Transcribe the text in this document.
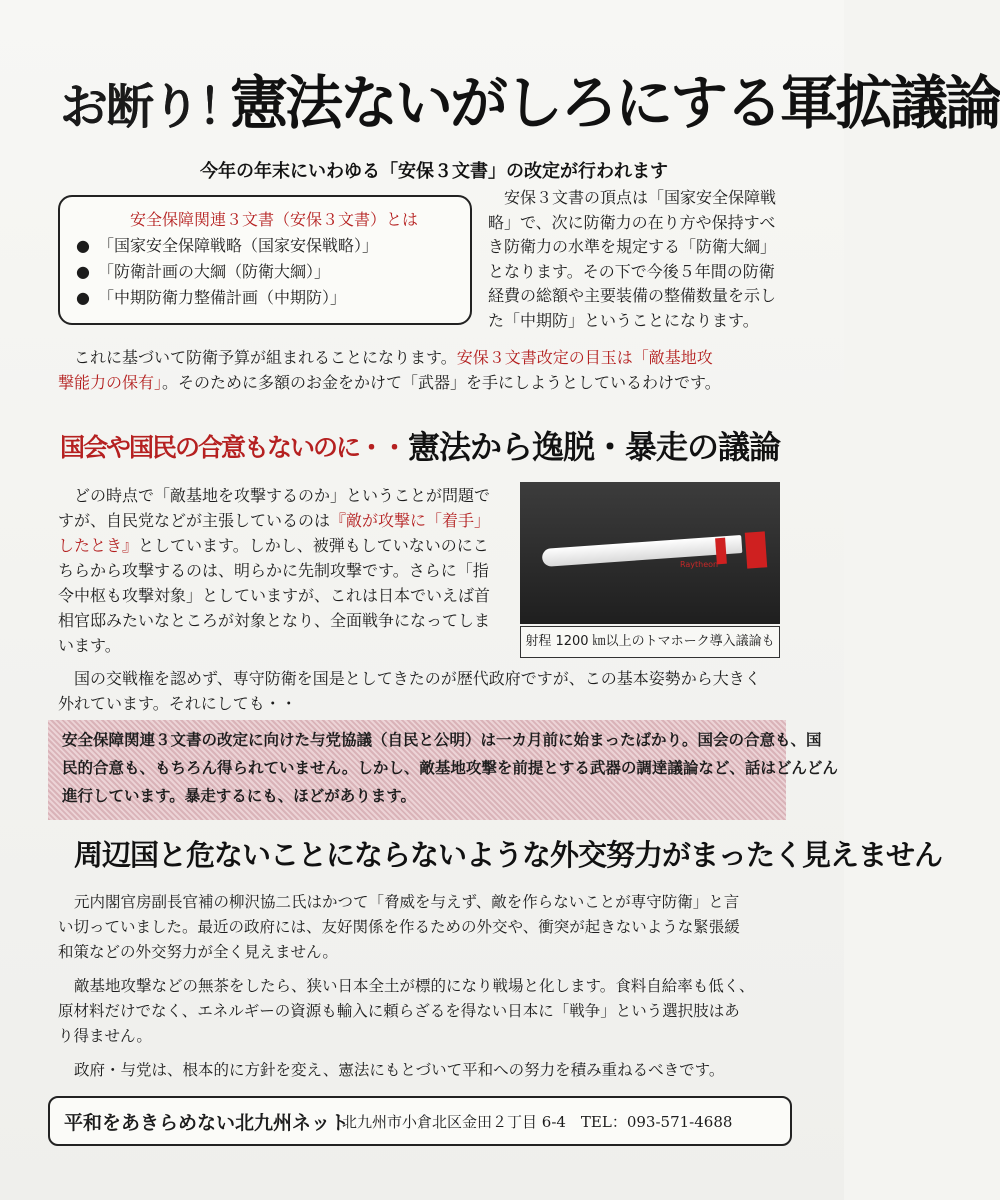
お断り！
憲法ないがしろにする軍拡議論
今年の年末にいわゆる「安保３文書」の改定が行われます
安全保障関連３文書（安保３文書）とは
● 「国家安全保障戦略（国家安保戦略）」
● 「防衛計画の大綱（防衛大綱）」
● 「中期防衛力整備計画（中期防）」
安保３文書の頂点は「国家安全保障戦
略」で、次に防衛力の在り方や保持すべ
き防衛力の水準を規定する「防衛大綱」
となります。その下で今後５年間の防衛
経費の総額や主要装備の整備数量を示し
た「中期防」ということになります。
これに基づいて防衛予算が組まれることになります。安保３文書改定の目玉は「敵基地攻
撃能力の保有」。そのために多額のお金をかけて「武器」を手にしようとしているわけです。
国会や国民の合意もないのに・・ 憲法から逸脱・暴走の議論
どの時点で「敵基地を攻撃するのか」ということが問題で
すが、自民党などが主張しているのは『敵が攻撃に「着手」
したとき』としています。しかし、被弾もしていないのにこ
ちらから攻撃するのは、明らかに先制攻撃です。さらに「指
令中枢も攻撃対象」としていますが、これは日本でいえば首
相官邸みたいなところが対象となり、全面戦争になってしま
います。
Raytheon
射程 1200 ㎞以上のトマホーク導入議論も
国の交戦権を認めず、専守防衛を国是としてきたのが歴代政府ですが、この基本姿勢から大きく
外れています。それにしても・・
安全保障関連３文書の改定に向けた与党協議（自民と公明）は一カ月前に始まったばかり。国会の合意も、国
民的合意も、もちろん得られていません。しかし、敵基地攻撃を前提とする武器の調達議論など、話はどんどん
進行しています。暴走するにも、ほどがあります。
周辺国と危ないことにならないような外交努力がまったく見えません
元内閣官房副長官補の柳沢協二氏はかつて「脅威を与えず、敵を作らないことが専守防衛」と言
い切っていました。最近の政府には、友好関係を作るための外交や、衝突が起きないような緊張緩
和策などの外交努力が全く見えません。
敵基地攻撃などの無茶をしたら、狭い日本全土が標的になり戦場と化します。食料自給率も低く、
原材料だけでなく、エネルギーの資源も輸入に頼らざるを得ない日本に「戦争」という選択肢はあ
り得ません。
政府・与党は、根本的に方針を変え、憲法にもとづいて平和への努力を積み重ねるべきです。
平和をあきらめない北九州ネット
北九州市小倉北区金田２丁目 6-4　TEL：093-571-4688
